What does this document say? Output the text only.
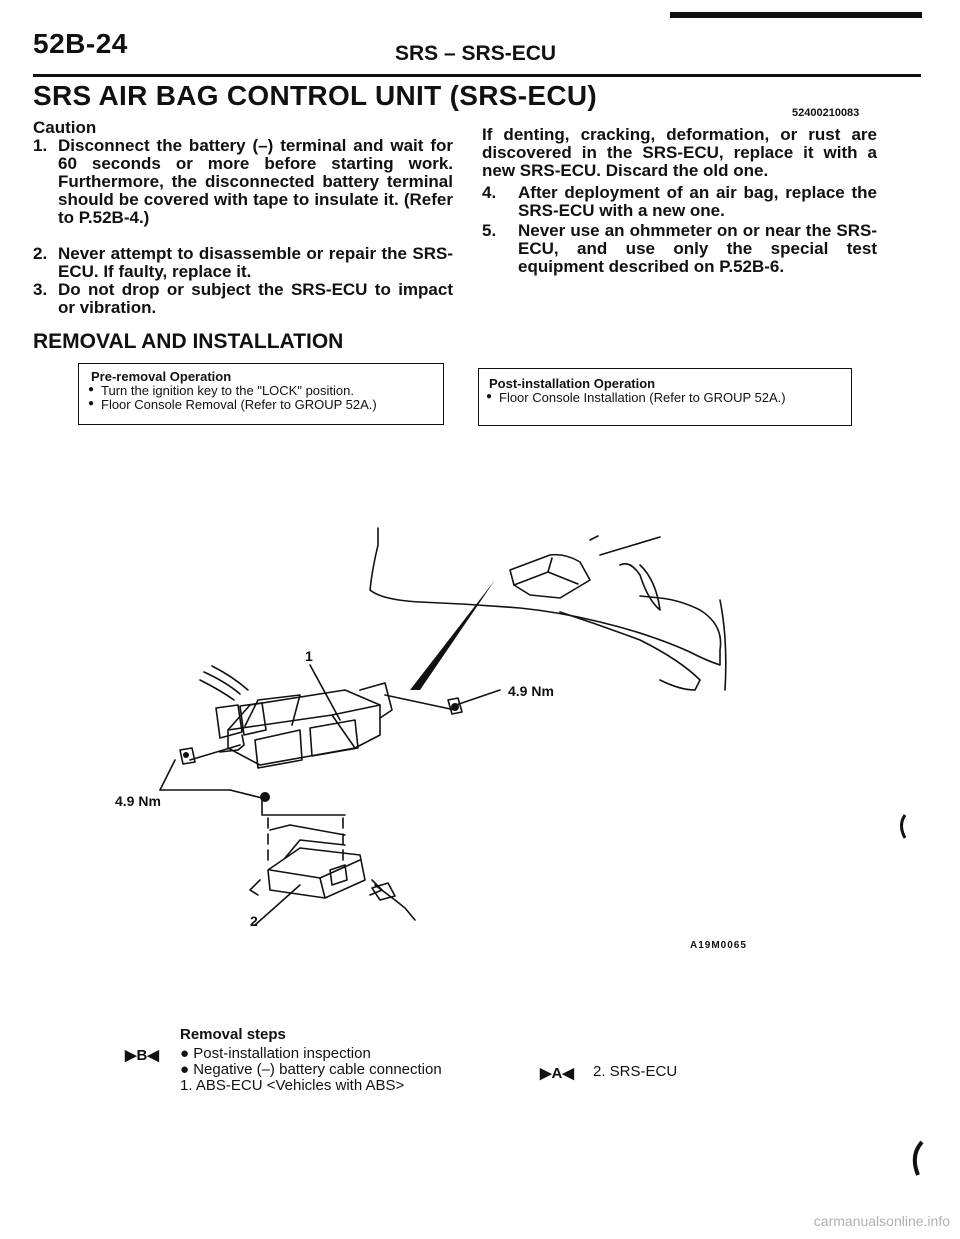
52B-24	SRS – SRS-ECU
SRS AIR BAG CONTROL UNIT (SRS-ECU)
52400210083
Caution
1. Disconnect the battery (–) terminal and wait for 60 seconds or more before starting work. Furthermore, the disconnected battery terminal should be covered with tape to insulate it. (Refer to P.52B-4.)
2. Never attempt to disassemble or repair the SRS-ECU. If faulty, replace it.
3. Do not drop or subject the SRS-ECU to impact or vibration.
If denting, cracking, deformation, or rust are discovered in the SRS-ECU, replace it with a new SRS-ECU. Discard the old one.
4. After deployment of an air bag, replace the SRS-ECU with a new one.
5. Never use an ohmmeter on or near the SRS-ECU, and use only the special test equipment described on P.52B-6.
REMOVAL AND INSTALLATION
Pre-removal Operation
● Turn the ignition key to the "LOCK" position.
● Floor Console Removal (Refer to GROUP 52A.)
Post-installation Operation
● Floor Console Installation (Refer to GROUP 52A.)
1
2
4.9 Nm
4.9 Nm
A19M0065
Removal steps
▶B◀ ● Post-installation inspection
● Negative (–) battery cable connection
1. ABS-ECU <Vehicles with ABS>
▶A◀ 2. SRS-ECU
carmanualsonline.info
